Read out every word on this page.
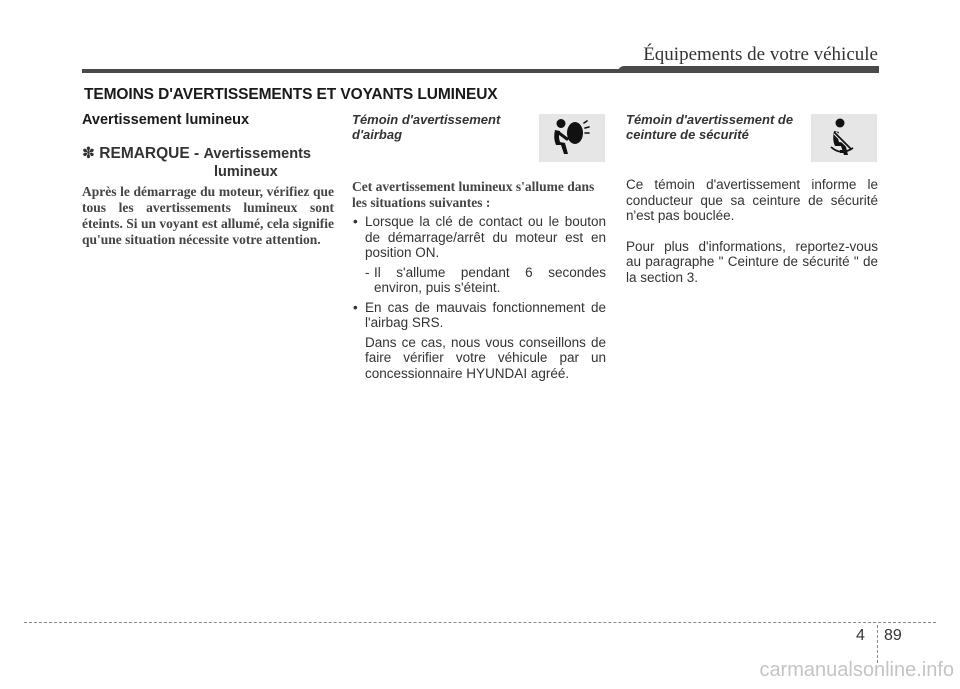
Équipements de votre véhicule
TEMOINS D'AVERTISSEMENTS ET VOYANTS LUMINEUX

Avertissement lumineux

✽ REMARQUE - Avertissements
lumineux

Après le démarrage du moteur, vérifiez que tous les avertissements lumineux sont éteints. Si un voyant est allumé, cela signifie qu'une situation nécessite votre attention.

Témoin d'avertissement
d'airbag

Cet avertissement lumineux s'allume dans les situations suivantes :

• Lorsque la clé de contact ou le bouton de démarrage/arrêt du moteur est en position ON.

- Il s'allume pendant 6 secondes environ, puis s'éteint.

• En cas de mauvais fonctionnement de l'airbag SRS.

Dans ce cas, nous vous conseillons de faire vérifier votre véhicule par un concessionnaire HYUNDAI agréé.

Témoin d'avertissement de
ceinture de sécurité

Ce témoin d'avertissement informe le conducteur que sa ceinture de sécurité n'est pas bouclée.

Pour plus d'informations, reportez-vous au paragraphe " Ceinture de sécurité " de la section 3.

4 89
carmanualsonline.info
